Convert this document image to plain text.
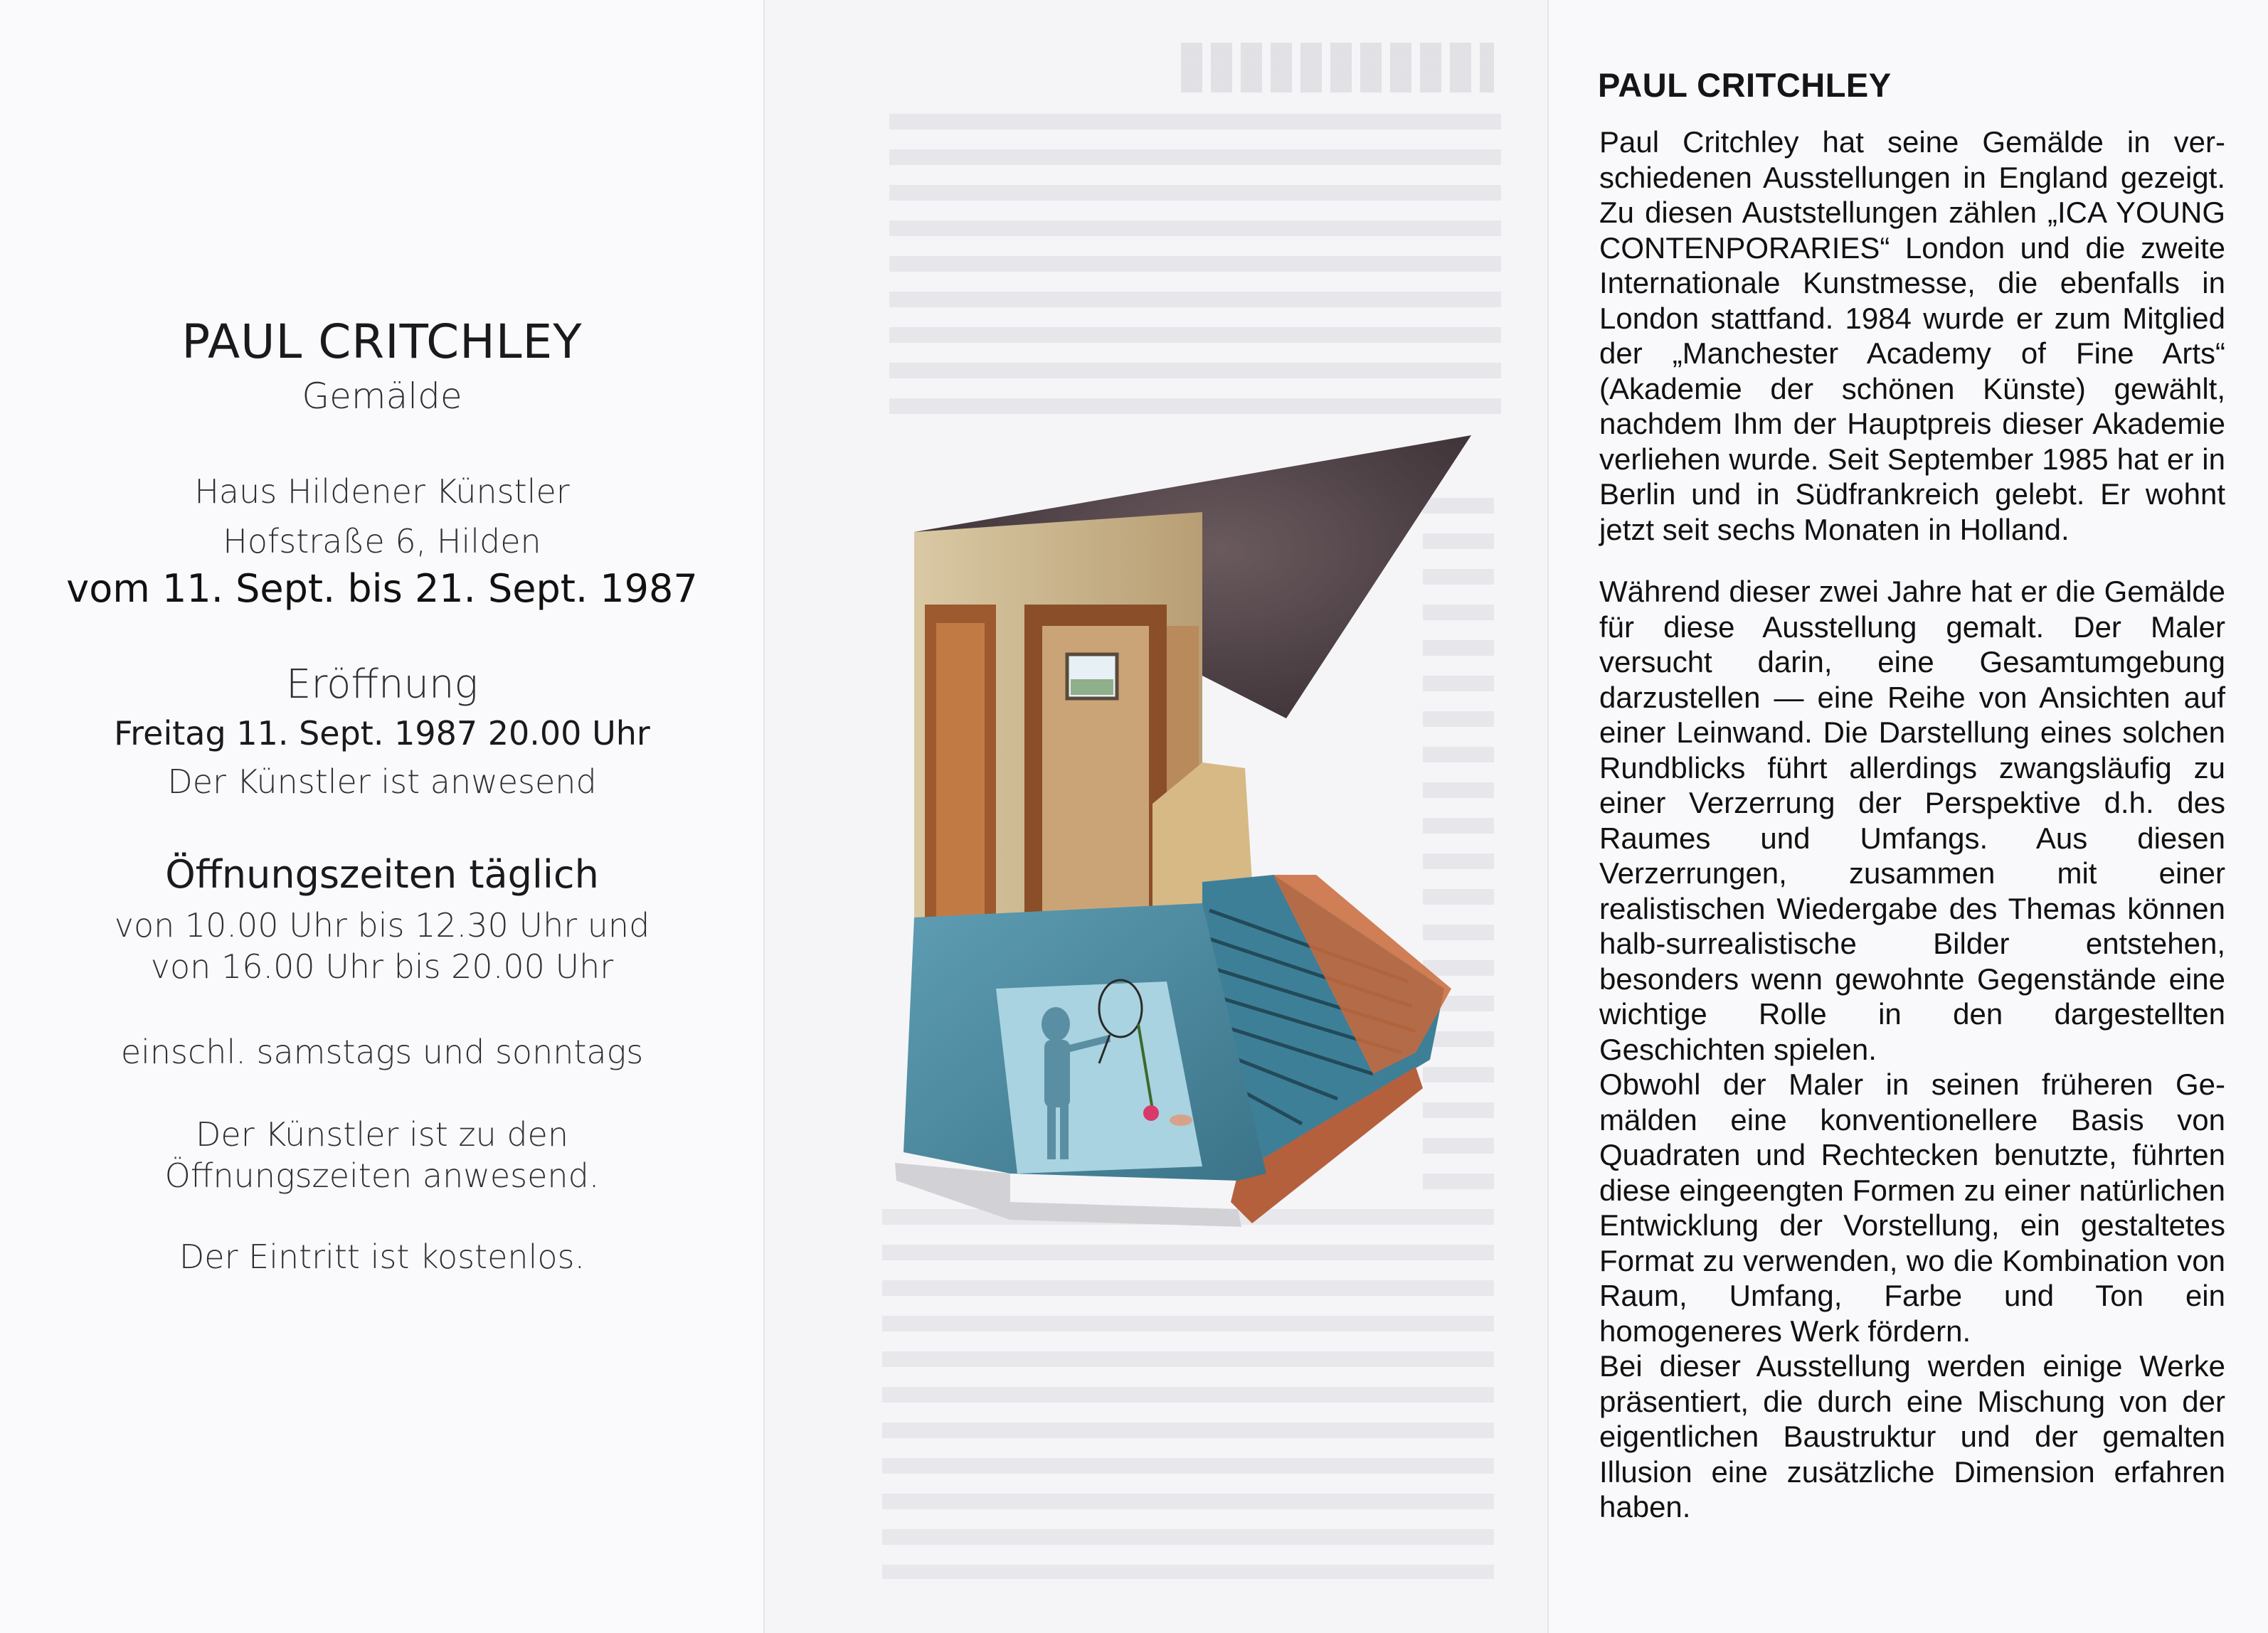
PAUL CRITCHLEY
Gemälde
Haus Hildener Künstler
Hofstraße 6, Hilden
vom 11. Sept. bis 21. Sept. 1987
Eröffnung
Freitag 11. Sept. 1987 20.00 Uhr
Der Künstler ist anwesend
Öffnungszeiten täglich
von 10.00 Uhr bis 12.30 Uhr und
von 16.00 Uhr bis 20.00 Uhr
einschl. samstags und sonntags
Der Künstler ist zu den
Öffnungszeiten anwesend.
Der Eintritt ist kostenlos.
PAUL CRITCHLEY

Paul Critchley hat seine Gemälde in verschiedenen Ausstellungen in England gezeigt. Zu diesen Auststellungen zählen „ICA YOUNG CONTENPORARIES“ London und die zweite Internationale Kunstmesse, die ebenfalls in London stattfand. 1984 wurde er zum Mitglied der „Manchester Academy of Fine Arts“ (Akademie der schönen Künste) gewählt, nachdem Ihm der Hauptpreis dieser Akademie verliehen wurde. Seit September 1985 hat er in Berlin und in Südfrankreich gelebt. Er wohnt jetzt seit sechs Monaten in Holland.

Während dieser zwei Jahre hat er die Gemälde für diese Ausstellung gemalt. Der Maler versucht darin, eine Gesamtumgebung darzustellen — eine Reihe von Ansichten auf einer Leinwand. Die Darstellung eines solchen Rundblicks führt allerdings zwangsläufig zu einer Verzerrung der Perspektive d.h. des Raumes und Umfangs. Aus diesen Verzerrungen, zusammen mit einer realistischen Wiedergabe des Themas können halb-surrealistische Bilder entstehen, besonders wenn gewohnte Gegenstände eine wichtige Rolle in den dargestellten Geschichten spielen.

Obwohl der Maler in seinen früheren Gemälden eine konventionellere Basis von Quadraten und Rechtecken benutzte, führten diese eingeengten Formen zu einer natürlichen Entwicklung der Vorstellung, ein gestaltetes Format zu verwenden, wo die Kombination von Raum, Umfang, Farbe und Ton ein homogeneres Werk fördern.

Bei dieser Ausstellung werden einige Werke präsentiert, die durch eine Mischung von der eigentlichen Baustruktur und der gemalten Illusion eine zusätzliche Dimension erfahren haben.
